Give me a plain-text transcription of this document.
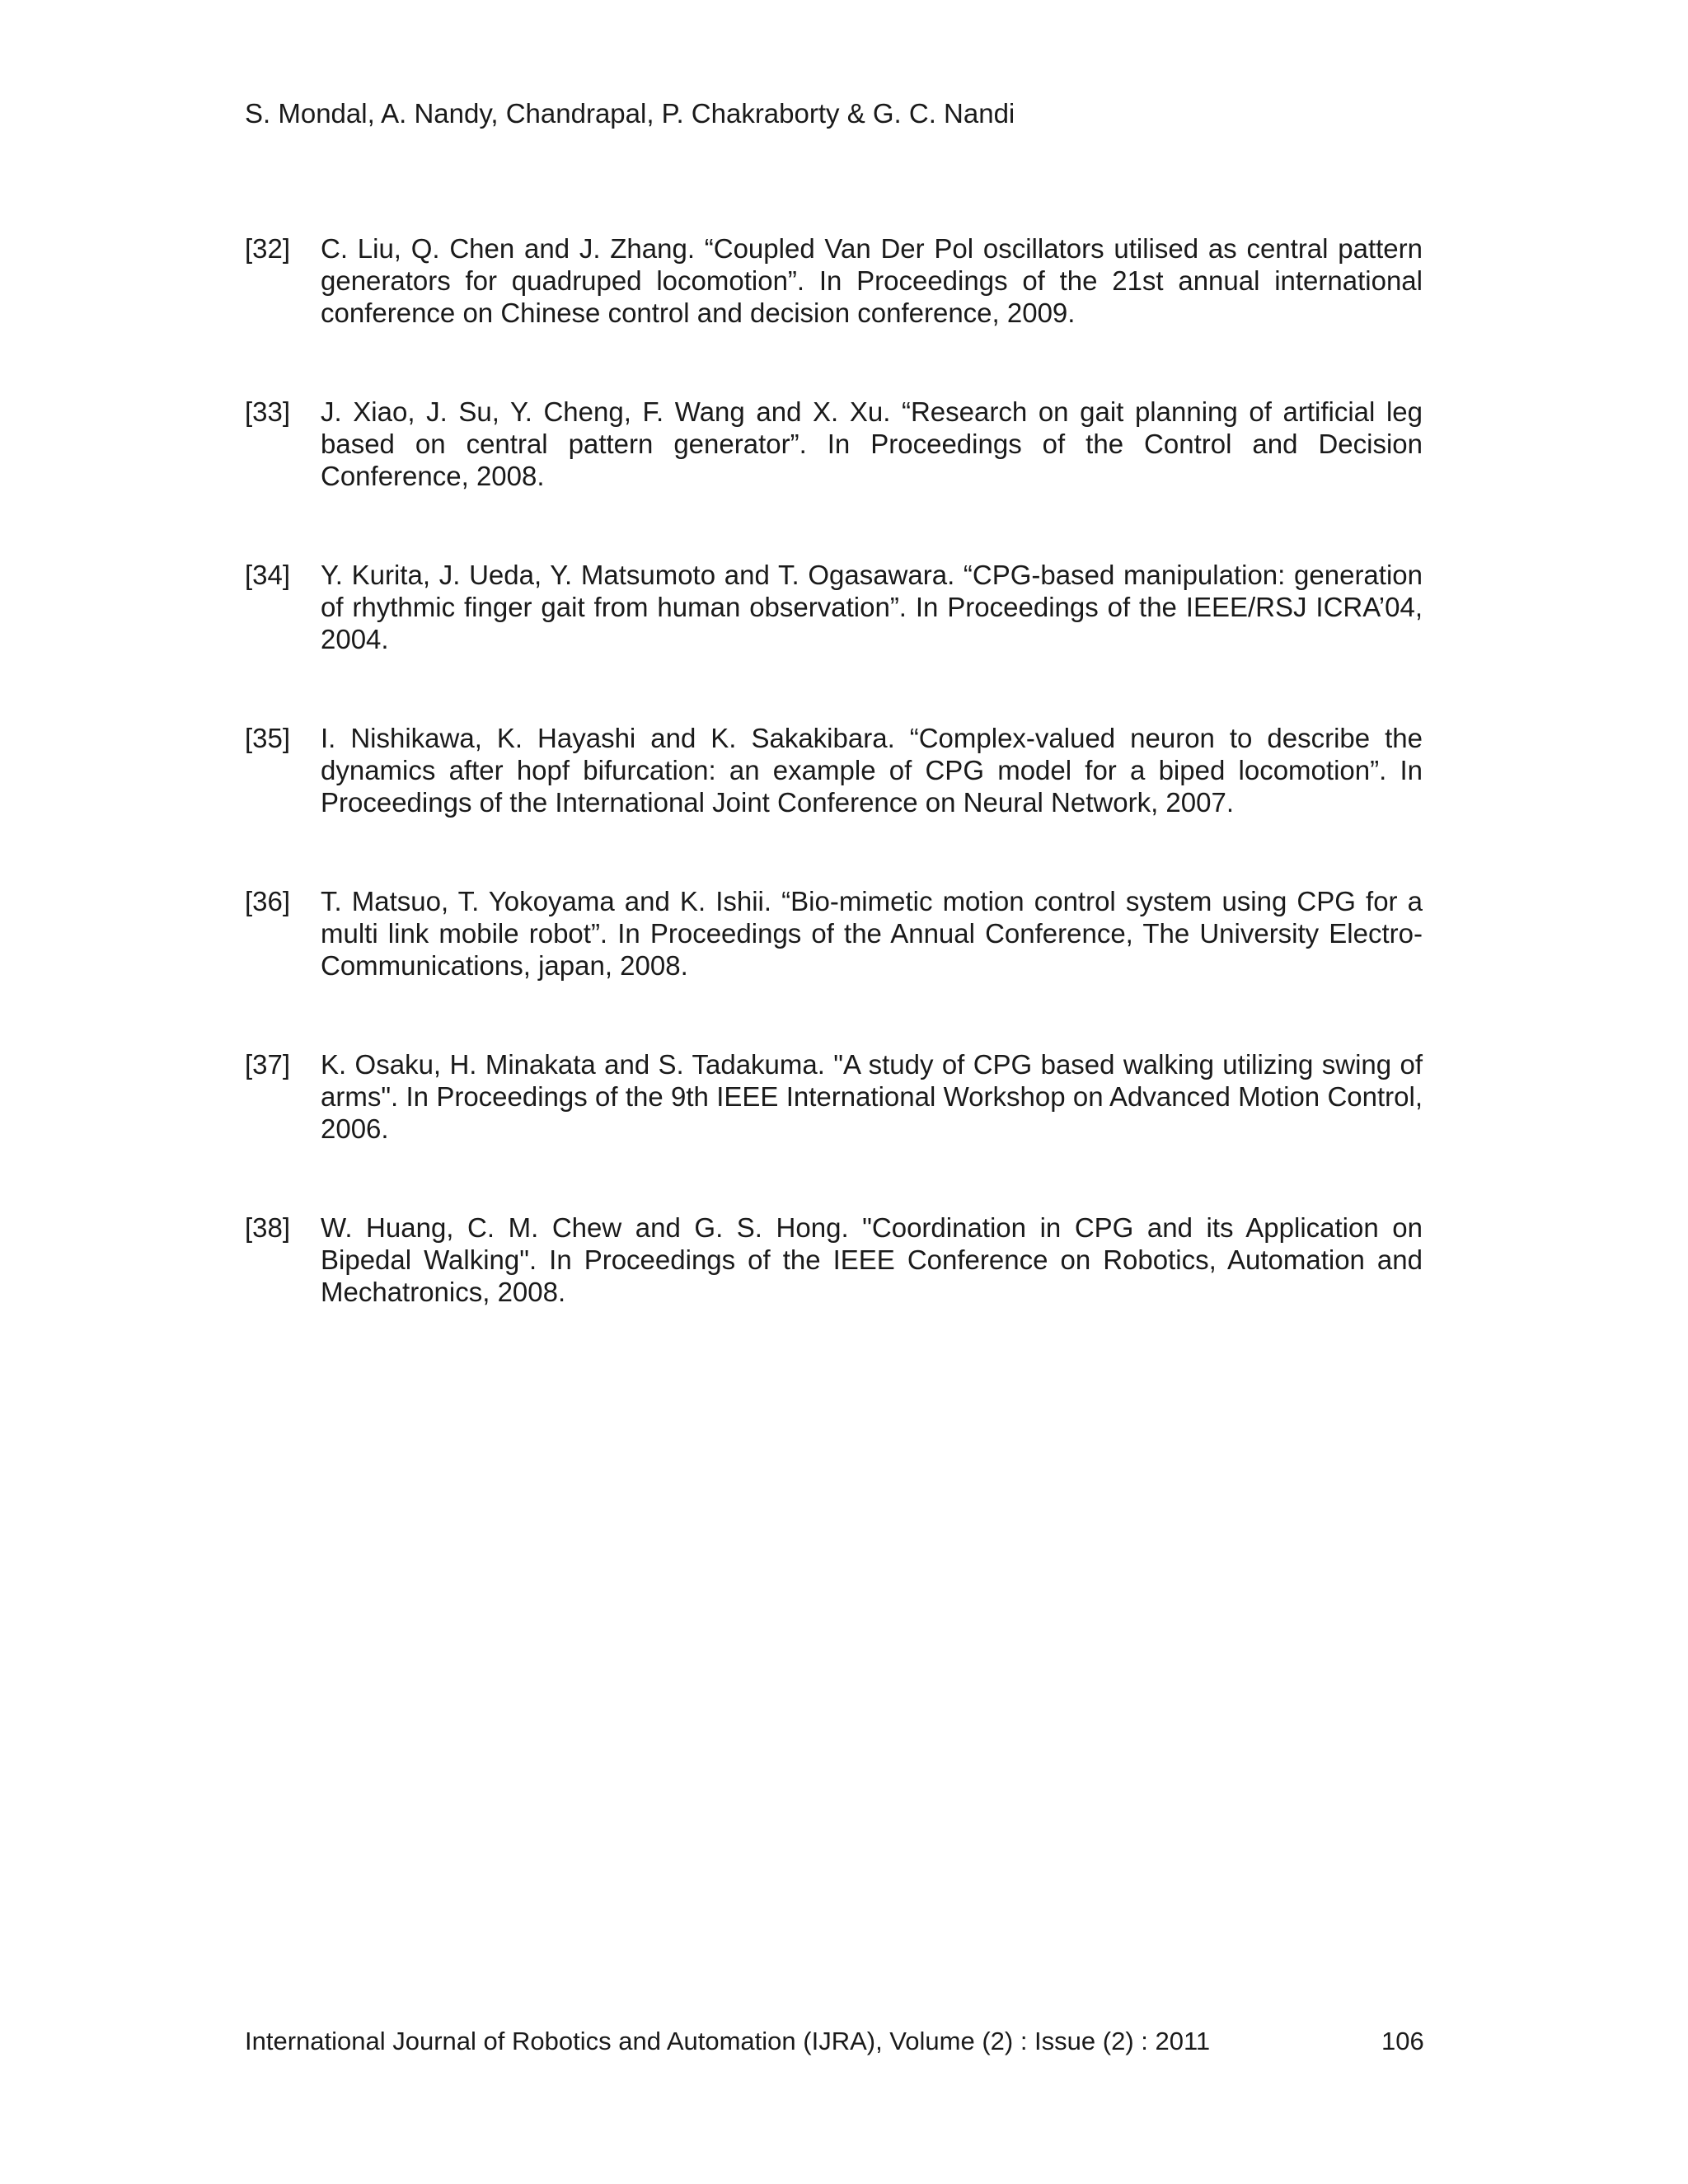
S. Mondal, A. Nandy, Chandrapal, P. Chakraborty & G. C. Nandi
[32] C. Liu, Q. Chen and J. Zhang. “Coupled Van Der Pol oscillators utilised as central pattern generators for quadruped locomotion”. In Proceedings of the 21st annual international conference on Chinese control and decision conference, 2009.
[33] J. Xiao, J. Su, Y. Cheng, F. Wang and X. Xu. “Research on gait planning of artificial leg based on central pattern generator”. In Proceedings of the Control and Decision Conference, 2008.
[34] Y. Kurita, J. Ueda, Y. Matsumoto and T. Ogasawara. “CPG-based manipulation: generation of rhythmic finger gait from human observation”. In Proceedings of the IEEE/RSJ ICRA’04, 2004.
[35] I. Nishikawa, K. Hayashi and K. Sakakibara. “Complex-valued neuron to describe the dynamics after hopf bifurcation: an example of CPG model for a biped locomotion”. In Proceedings of the International Joint Conference on Neural Network, 2007.
[36] T. Matsuo, T. Yokoyama and K. Ishii. “Bio-mimetic motion control system using CPG for a multi link mobile robot”. In Proceedings of the Annual Conference, The University Electro-Communications, japan, 2008.
[37] K. Osaku, H. Minakata and S. Tadakuma. "A study of CPG based walking utilizing swing of arms". In Proceedings of the 9th IEEE International Workshop on Advanced Motion Control, 2006.
[38] W. Huang, C. M. Chew and G. S. Hong. "Coordination in CPG and its Application on Bipedal Walking". In Proceedings of the IEEE Conference on Robotics, Automation and Mechatronics, 2008.
International Journal of Robotics and Automation (IJRA), Volume (2) : Issue (2) : 2011	106
